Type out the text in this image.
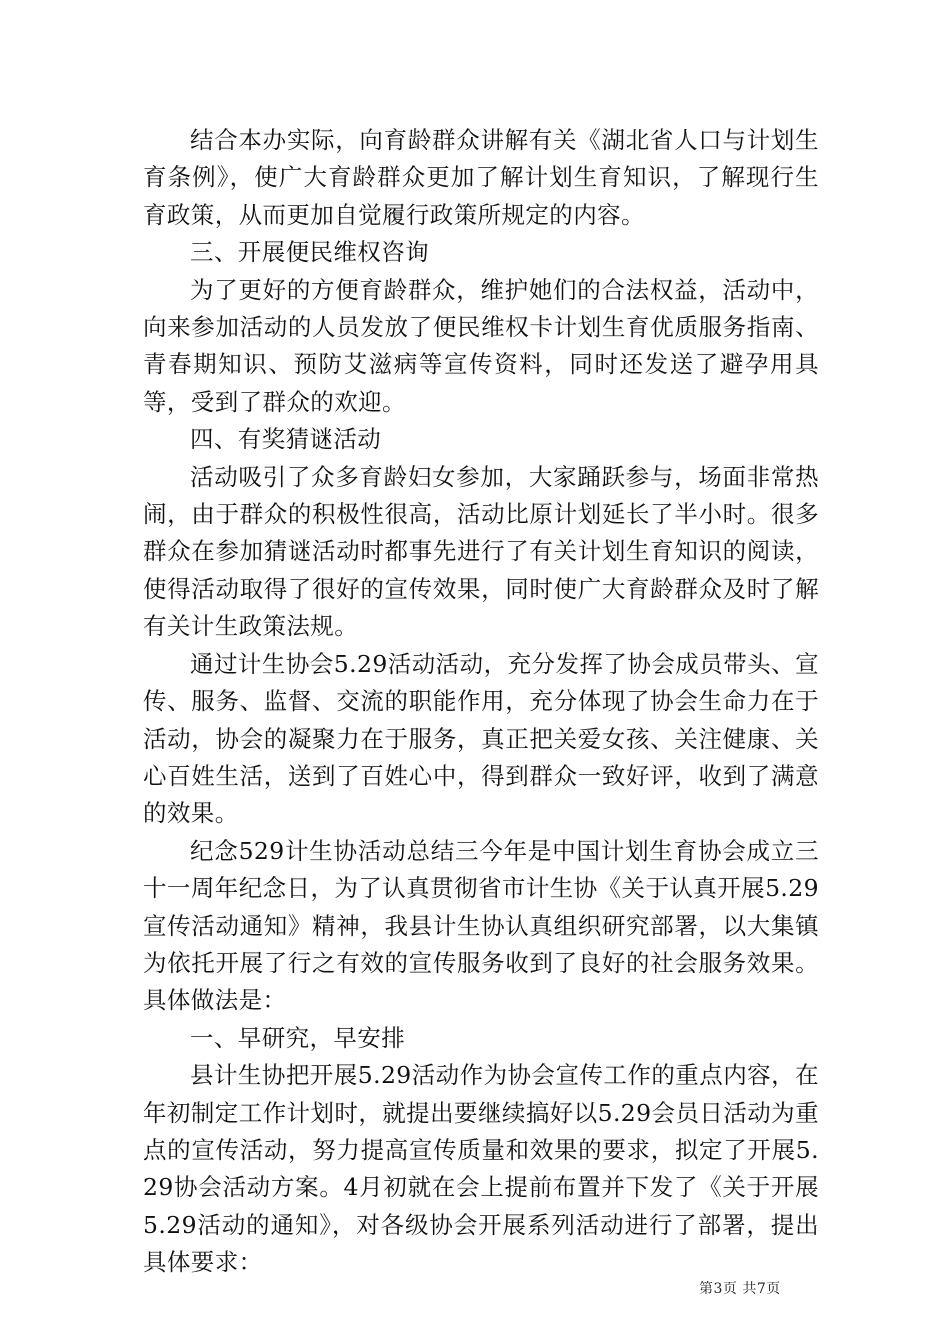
结合本办实际，向育龄群众讲解有关《湖北省人口与计划生育条例》，使广大育龄群众更加了解计划生育知识，了解现行生育政策，从而更加自觉履行政策所规定的内容。

三、开展便民维权咨询

为了更好的方便育龄群众，维护她们的合法权益，活动中，向来参加活动的人员发放了便民维权卡计划生育优质服务指南、青春期知识、预防艾滋病等宣传资料，同时还发送了避孕用具等，受到了群众的欢迎。

四、有奖猜谜活动

活动吸引了众多育龄妇女参加，大家踊跃参与，场面非常热闹，由于群众的积极性很高，活动比原计划延长了半小时。很多群众在参加猜谜活动时都事先进行了有关计划生育知识的阅读，使得活动取得了很好的宣传效果，同时使广大育龄群众及时了解有关计生政策法规。

通过计生协会5.29活动活动，充分发挥了协会成员带头、宣传、服务、监督、交流的职能作用，充分体现了协会生命力在于活动，协会的凝聚力在于服务，真正把关爱女孩、关注健康、关心百姓生活，送到了百姓心中，得到群众一致好评，收到了满意的效果。

纪念529计生协活动总结三今年是中国计划生育协会成立三十一周年纪念日，为了认真贯彻省市计生协《关于认真开展5.29宣传活动通知》精神，我县计生协认真组织研究部署，以大集镇为依托开展了行之有效的宣传服务收到了良好的社会服务效果。具体做法是：

一、早研究，早安排

县计生协把开展5.29活动作为协会宣传工作的重点内容，在年初制定工作计划时，就提出要继续搞好以5.29会员日活动为重点的宣传活动，努力提高宣传质量和效果的要求，拟定了开展5.29协会活动方案。4月初就在会上提前布置并下发了《关于开展5.29活动的通知》，对各级协会开展系列活动进行了部署，提出具体要求：

第3页 共7页
